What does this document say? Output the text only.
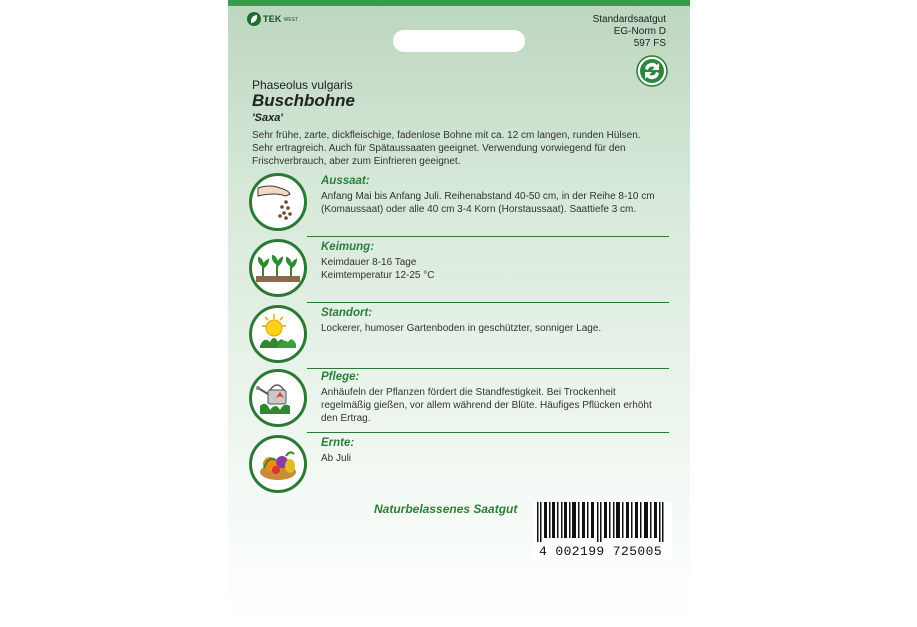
TEK WEST	Standardsaatgut
EG-Norm D
597 FS
Phaseolus vulgaris
Buschbohne
'Saxa'
Sehr frühe, zarte, dickfleischige, fadenlose Bohne mit ca. 12 cm langen, runden Hülsen. Sehr ertragreich. Auch für Spätaussaaten geeignet. Verwendung vorwiegend für den Frischverbrauch, aber zum Einfrieren geeignet.
Aussaat:
Anfang Mai bis Anfang Juli. Reihenabstand 40-50 cm, in der Reihe 8-10 cm (Komaussaat) oder alle 40 cm 3-4 Korn (Horstaussaat). Saattiefe 3 cm.
Keimung:
Keimdauer 8-16 Tage
Keimtemperatur 12-25 °C
Standort:
Lockerer, humoser Gartenboden in geschützter, sonniger Lage.
Pflege:
Anhäufeln der Pflanzen fördert die Standfestigkeit. Bei Trockenheit regelmäßig gießen, vor allem während der Blüte. Häufiges Pflücken erhöht den Ertrag.
Ernte:
Ab Juli
Naturbelassenes Saatgut
4 002199 725005
